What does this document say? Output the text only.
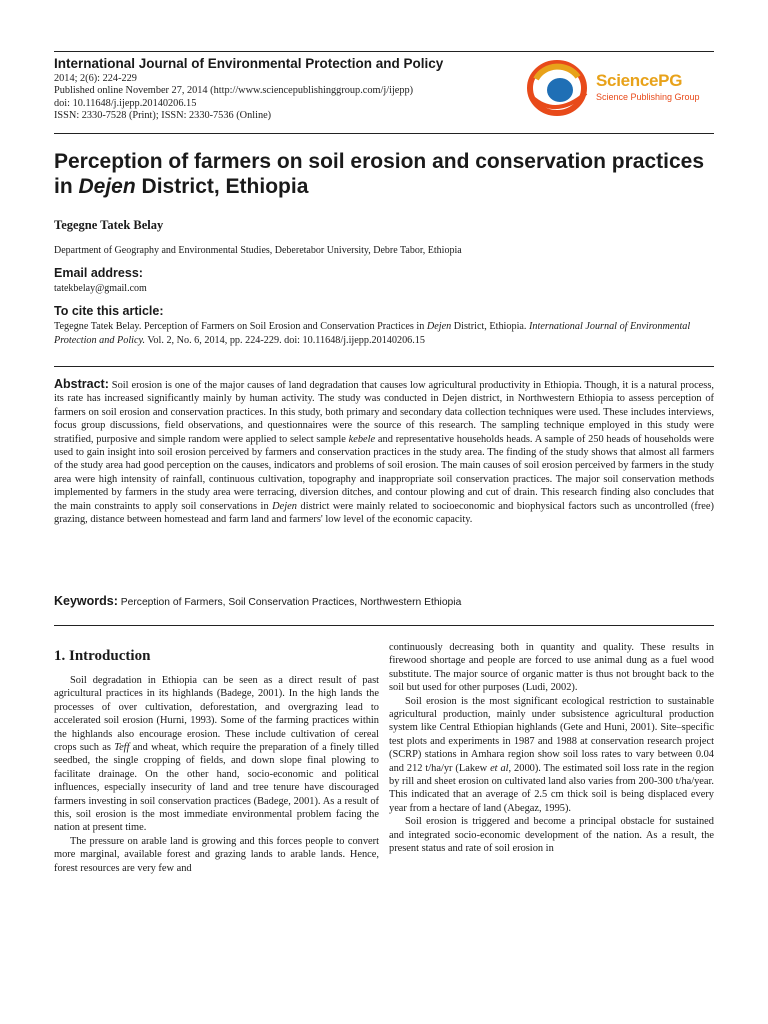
International Journal of Environmental Protection and Policy
2014; 2(6): 224-229
Published online November 27, 2014 (http://www.sciencepublishinggroup.com/j/ijepp)
doi: 10.11648/j.ijepp.20140206.15
ISSN: 2330-7528 (Print); ISSN: 2330-7536 (Online)
SciencePG
Science Publishing Group
Perception of farmers on soil erosion and conservation practices in Dejen District, Ethiopia
Tegegne Tatek Belay
Department of Geography and Environmental Studies, Deberetabor University, Debre Tabor, Ethiopia
Email address:
tatekbelay@gmail.com
To cite this article:
Tegegne Tatek Belay. Perception of Farmers on Soil Erosion and Conservation Practices in Dejen District, Ethiopia. International Journal of Environmental Protection and Policy. Vol. 2, No. 6, 2014, pp. 224-229. doi: 10.11648/j.ijepp.20140206.15
Abstract: Soil erosion is one of the major causes of land degradation that causes low agricultural productivity in Ethiopia. Though, it is a natural process, its rate has increased significantly mainly by human activity. The study was conducted in Dejen district, in Northwestern Ethiopia to assess perception of farmers on soil erosion and conservation practices. In this study, both primary and secondary data collection techniques were used. These includes interviews, focus group discussions, field observations, and questionnaires were the source of this research. The sampling technique employed in this study were stratified, purposive and simple random were applied to select sample kebele and representative households heads. A sample of 250 heads of households were used to gain insight into soil erosion perceived by farmers and conservation practices in the study area. The finding of the study shows that almost all farmers of the study area had good perception on the causes, indicators and problems of soil erosion. The main causes of soil erosion perceived by farmers in the study area were high intensity of rainfall, continuous cultivation, topography and inappropriate soil conservation practices. The major soil conservation methods implemented by farmers in the study area were terracing, diversion ditches, and contour plowing and cut of drain. This research finding also concludes that the main constraints to apply soil conservations in Dejen district were mainly related to socioeconomic and biophysical factors such as uncontrolled (free) grazing, distance between homestead and farm land and farmers' low level of the economic capacity.
Keywords: Perception of Farmers, Soil Conservation Practices, Northwestern Ethiopia
1. Introduction

Soil degradation in Ethiopia can be seen as a direct result of past agricultural practices in its highlands (Badege, 2001). In the high lands the processes of over cultivation, deforestation, and overgrazing lead to accelerated soil erosion (Hurni, 1993). Some of the farming practices within the highlands also encourage erosion. These include cultivation of cereal crops such as Teff and wheat, which require the preparation of a finely tilled seedbed, the single cropping of fields, and down slope final plowing to facilitate drainage. On the other hand, socio-economic and political influences, especially insecurity of land and tree tenure have discouraged farmers investing in soil conservation practices (Badege, 2001). As a result of this, soil erosion is the most immediate environmental problem facing the nation at present time.

The pressure on arable land is growing and this forces people to convert more marginal, available forest and grazing lands to arable lands. Hence, forest resources are very few and

continuously decreasing both in quantity and quality. These results in firewood shortage and people are forced to use animal dung as a fuel wood substitute. The major source of organic matter is thus not brought back to the soil but used for other purposes (Ludi, 2002).

Soil erosion is the most significant ecological restriction to sustainable agricultural production, mainly under subsistence agricultural production system like Central Ethiopian highlands (Gete and Huni, 2001). Site–specific test plots and experiments in 1987 and 1988 at conservation research project (SCRP) stations in Amhara region show soil loss rates to vary between 0.04 and 212 t/ha/yr (Lakew et al, 2000). The estimated soil loss rate in the region by rill and sheet erosion on cultivated land also varies from 200-300 t/ha/year. This indicated that an average of 2.5 cm thick soil is being displaced every year from a hectare of land (Abegaz, 1995).

Soil erosion is triggered and become a principal obstacle for sustained and integrated socio-economic development of the nation. As a result, the present status and rate of soil erosion in
